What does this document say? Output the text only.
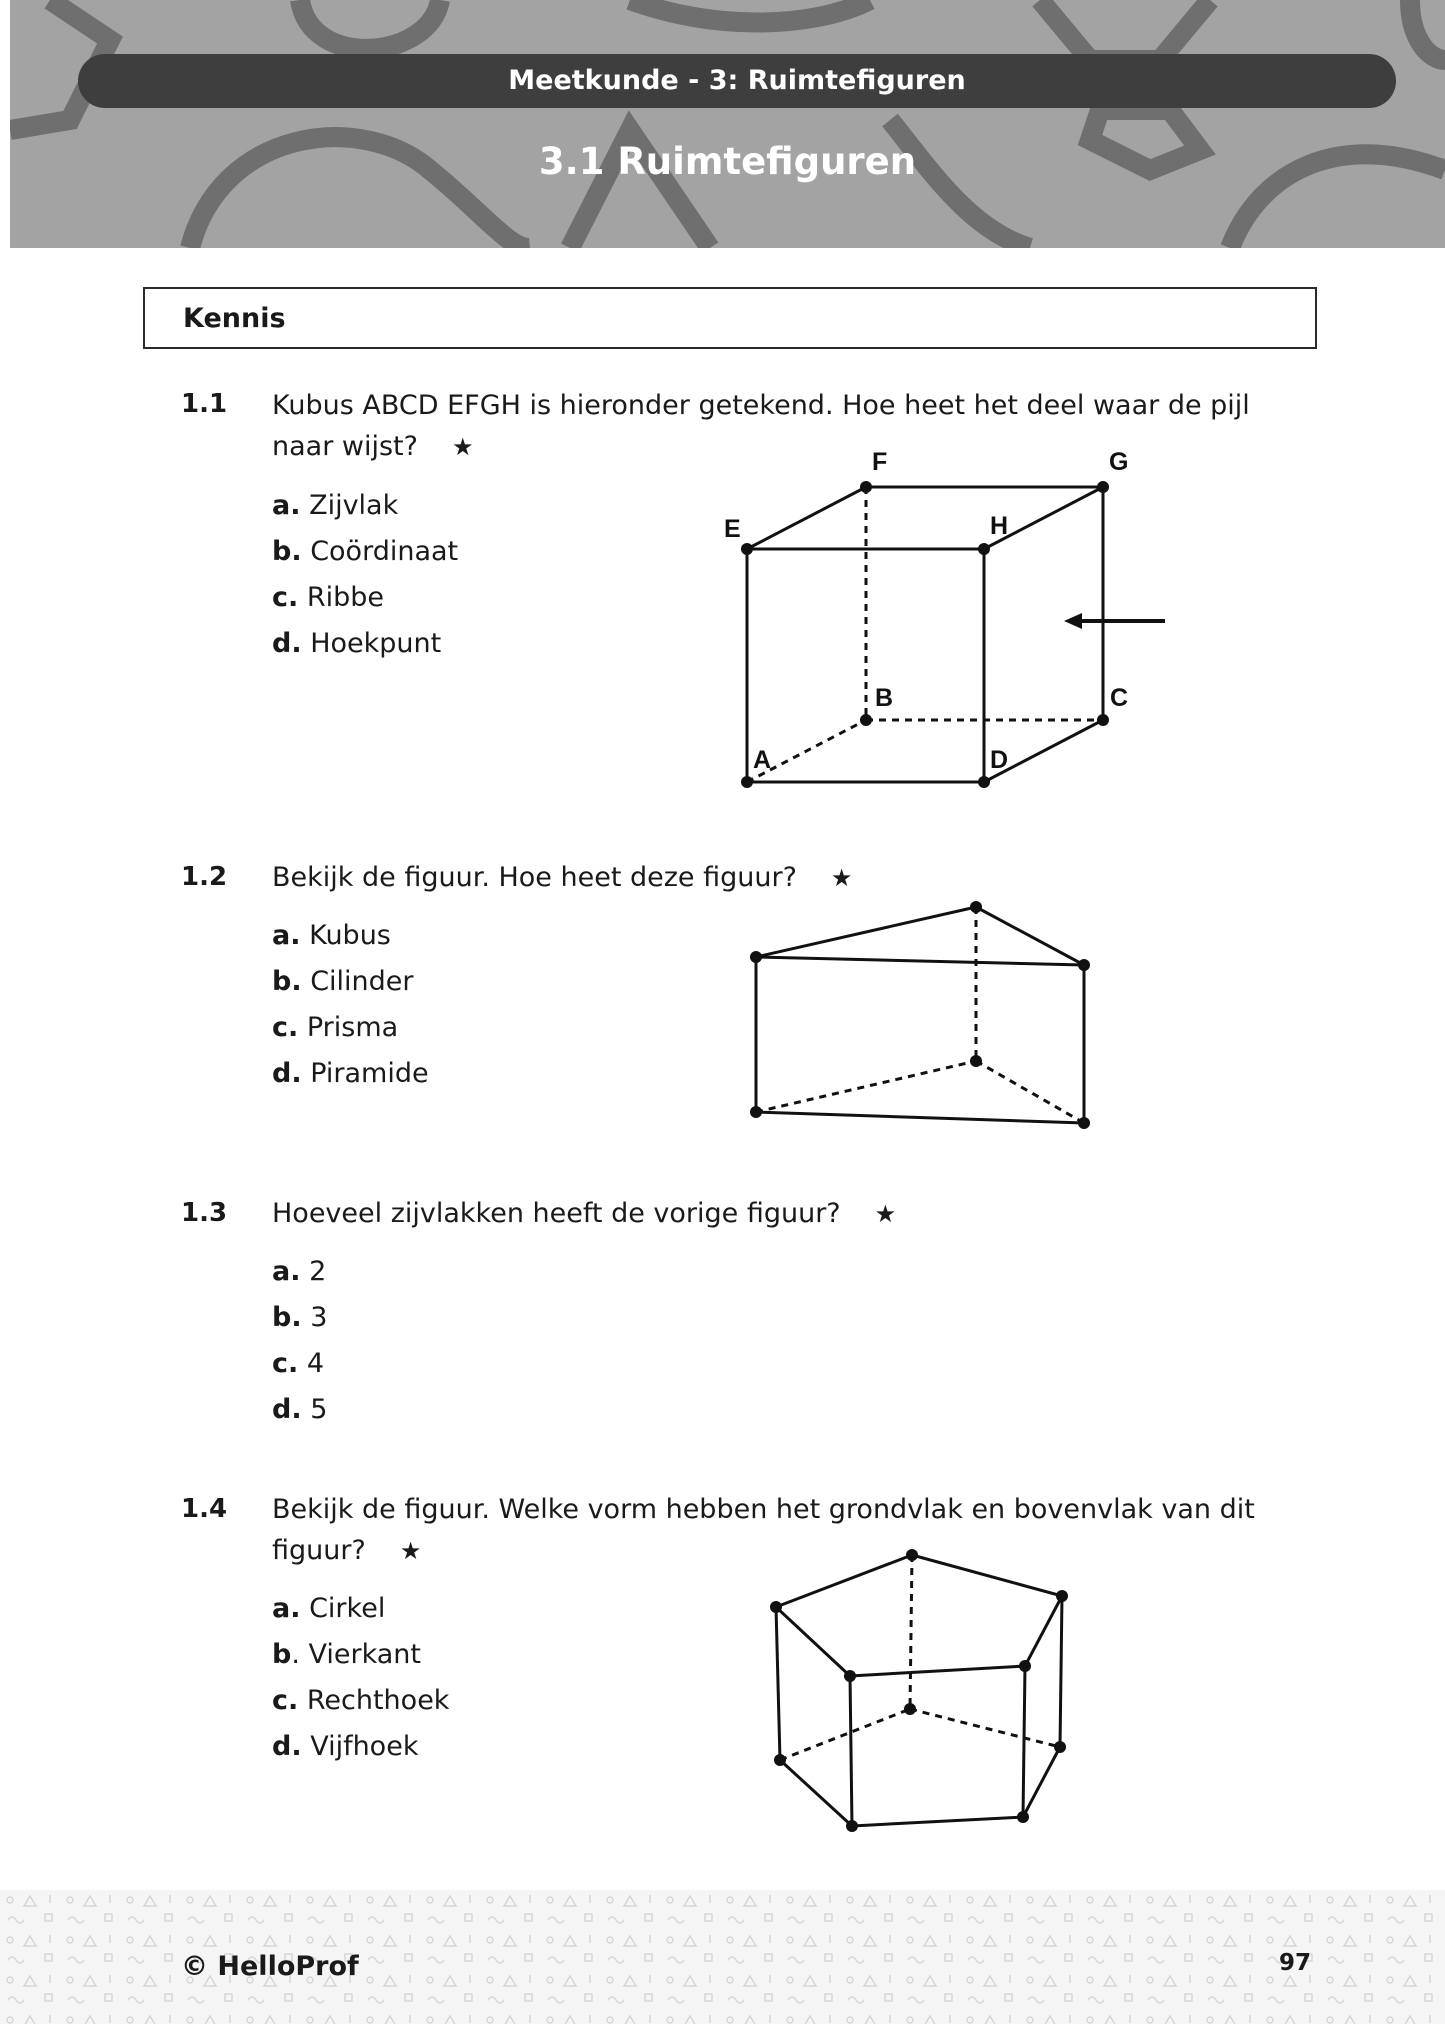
Meetkunde - 3: Ruimtefiguren
3.1 Ruimtefiguren
Kennis
1.1 Kubus ABCD EFGH is hieronder getekend. Hoe heet het deel waar de pijl naar wijst? ★
a. Zijvlak
b. Coördinaat
c. Ribbe
d. Hoekpunt
1.2 Bekijk de figuur. Hoe heet deze figuur? ★
a. Kubus
b. Cilinder
c. Prisma
d. Piramide
1.3 Hoeveel zijvlakken heeft de vorige figuur? ★
a. 2
b. 3
c. 4
d. 5
1.4 Bekijk de figuur. Welke vorm hebben het grondvlak en bovenvlak van dit figuur? ★
a. Cirkel
b. Vierkant
c. Rechthoek
d. Vijfhoek
A
B	C
D
E
F	G
H
© HelloProf	97
